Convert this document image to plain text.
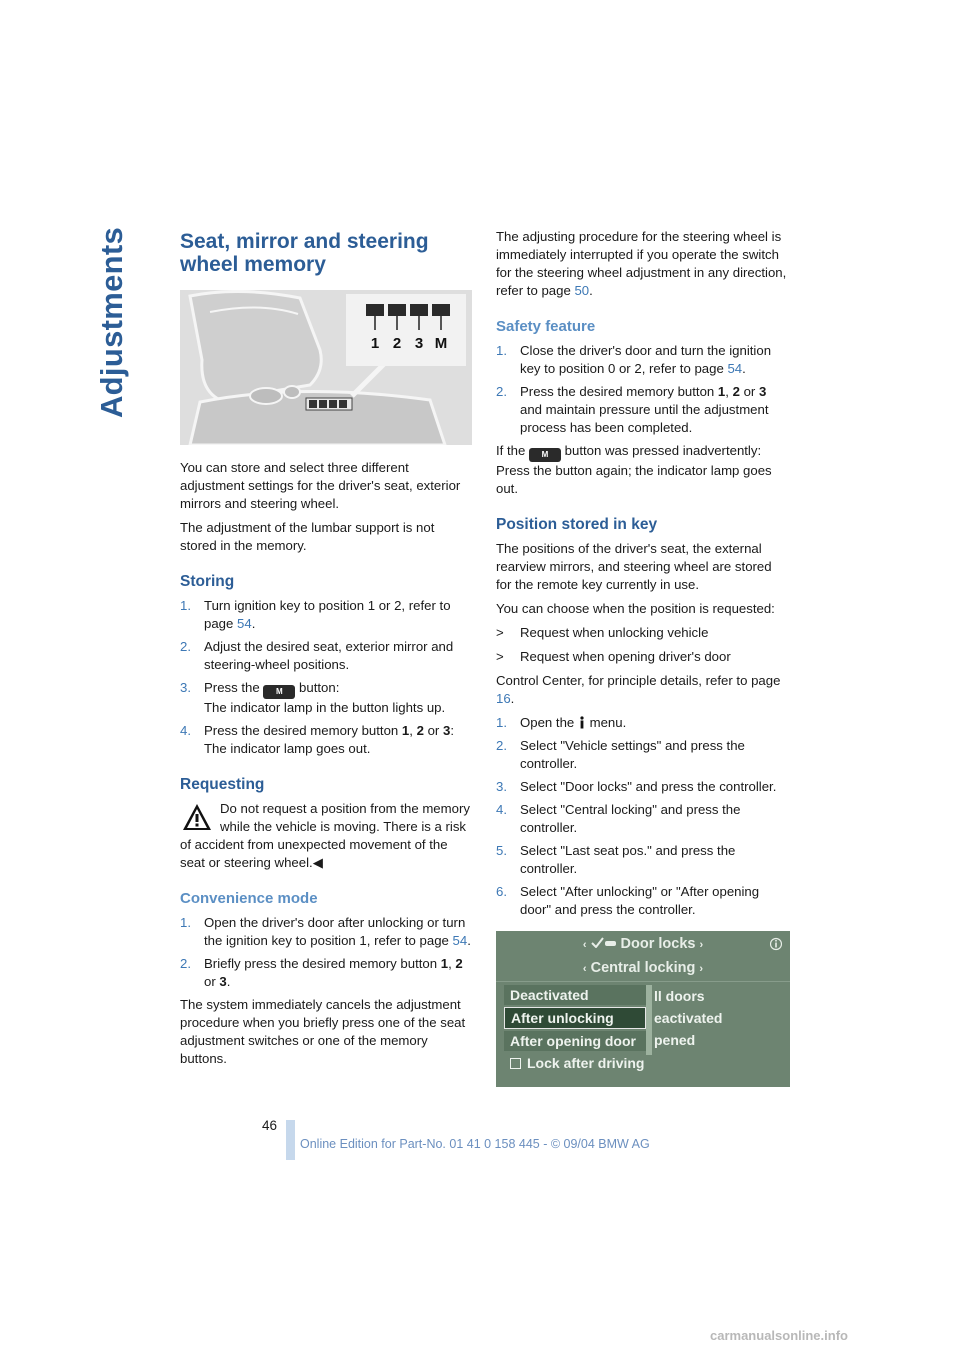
Adjustments Seat, mirror and steering wheel memory
1 2 3 M

You can store and select three different adjustment settings for the driver's seat, exterior mirrors and steering wheel.

The adjustment of the lumbar support is not stored in the memory.

Storing
1. Turn ignition key to position 1 or 2, refer to page 54.
2. Adjust the desired seat, exterior mirror and steering-wheel positions.
3. Press the M button:
The indicator lamp in the button lights up.
4. Press the desired memory button 1, 2 or 3:
The indicator lamp goes out.
Requesting
Do not request a position from the memory while the vehicle is moving. There is a risk of accident from unexpected movement of the seat or steering wheel.◀
Convenience mode
1. Open the driver's door after unlocking or turn the ignition key to position 1, refer to page 54.
2. Briefly press the desired memory button 1, 2 or 3.

The system immediately cancels the adjustment procedure when you briefly press one of the seat adjustment switches or one of the memory buttons.

The adjusting procedure for the steering wheel is immediately interrupted if you operate the switch for the steering wheel adjustment in any direction, refer to page 50.

Safety feature
1. Close the driver's door and turn the ignition key to position 0 or 2, refer to page 54.
2. Press the desired memory button 1, 2 or 3 and maintain pressure until the adjustment process has been completed.

If the M button was pressed inadvertently: Press the button again; the indicator lamp goes out.

Position stored in key

The positions of the driver's seat, the external rearview mirrors, and steering wheel are stored for the remote key currently in use.

You can choose when the position is requested:

> Request when unlocking vehicle
> Request when opening driver's door

Control Center, for principle details, refer to page 16.

1. Open the  menu.
2. Select "Vehicle settings" and press the controller.
3. Select "Door locks" and press the controller.
4. Select "Central locking" and press the controller.
5. Select "Last seat pos." and press the controller.
6. Select "After unlocking" or "After opening door" and press the controller.
‹ Door locks ›
‹ Central locking ›
Deactivated
After unlocking
After opening door
Lock after driving
ll doors
eactivated
pened
46
Online Edition for Part-No. 01 41 0 158 445 - © 09/04 BMW AG
carmanualsonline.info
